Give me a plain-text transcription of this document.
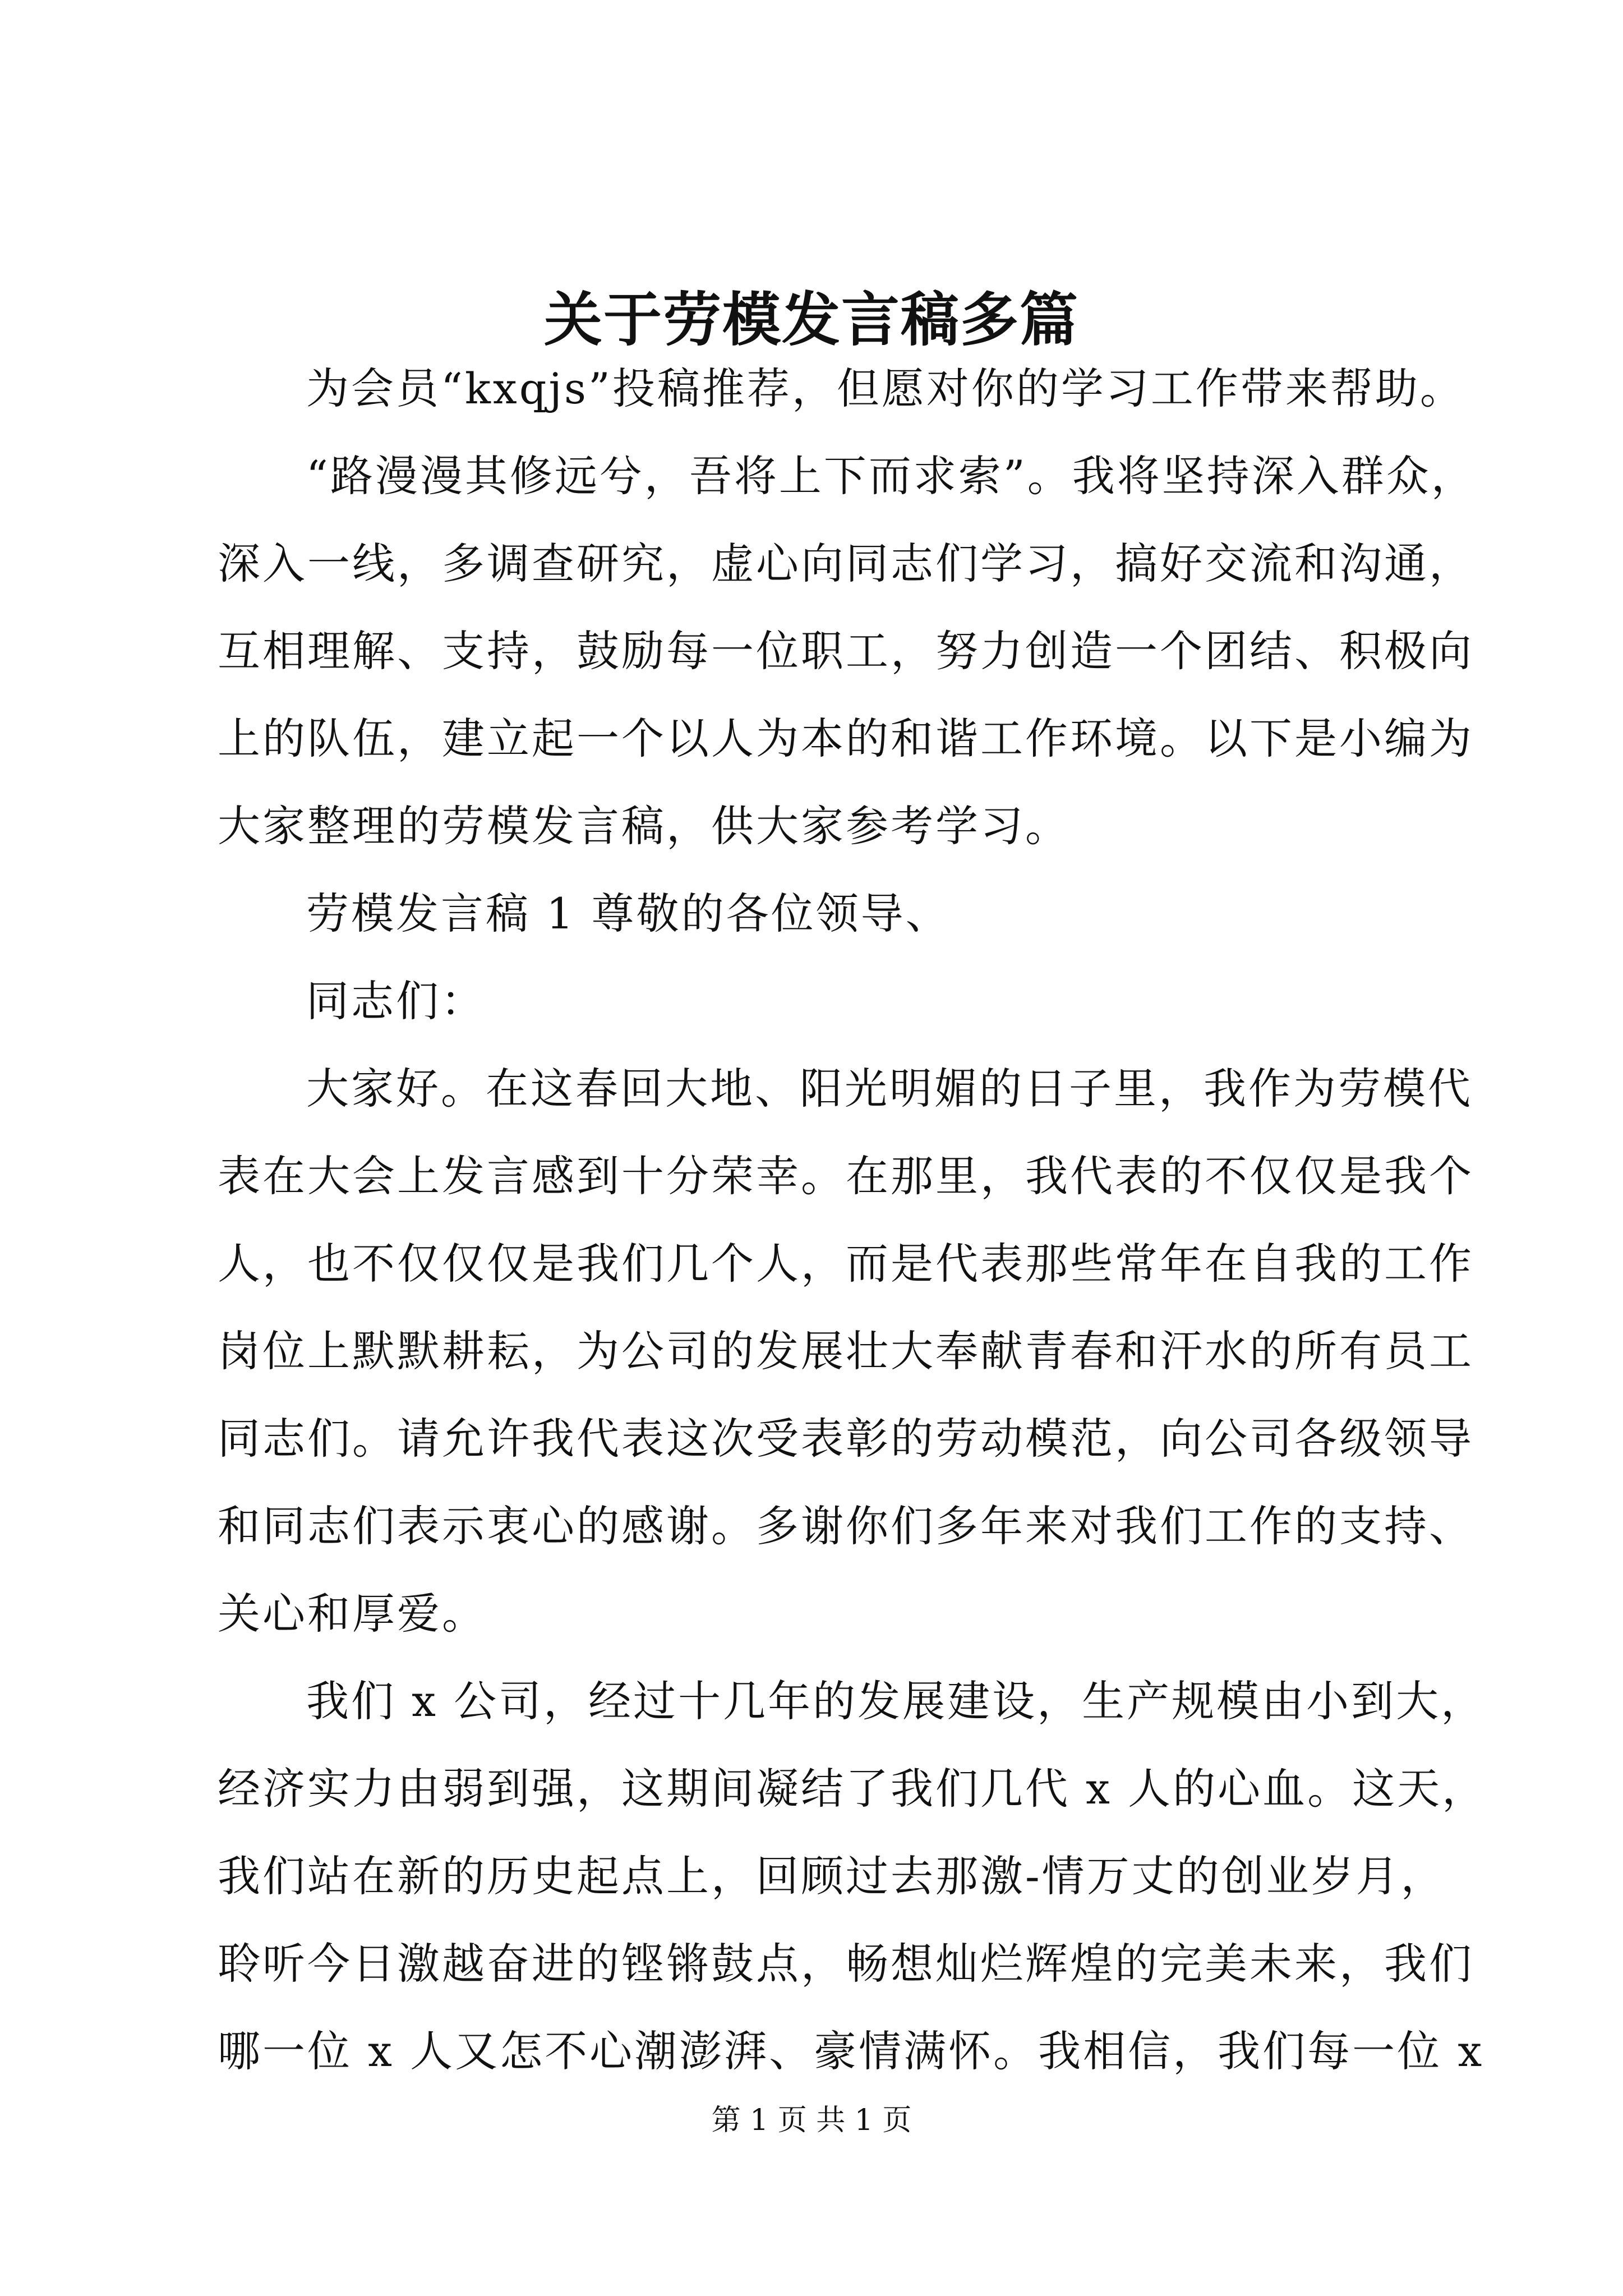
关于劳模发言稿多篇
为会员“kxqjs”投稿推荐，但愿对你的学习工作带来帮助。
“路漫漫其修远兮，吾将上下而求索”。我将坚持深入群众，
深入一线，多调查研究，虚心向同志们学习，搞好交流和沟通，
互相理解、支持，鼓励每一位职工，努力创造一个团结、积极向
上的队伍，建立起一个以人为本的和谐工作环境。以下是小编为
大家整理的劳模发言稿，供大家参考学习。
劳模发言稿 1 尊敬的各位领导、
同志们：
大家好。在这春回大地、阳光明媚的日子里，我作为劳模代
表在大会上发言感到十分荣幸。在那里，我代表的不仅仅是我个
人，也不仅仅仅是我们几个人，而是代表那些常年在自我的工作
岗位上默默耕耘，为公司的发展壮大奉献青春和汗水的所有员工
同志们。请允许我代表这次受表彰的劳动模范，向公司各级领导
和同志们表示衷心的感谢。多谢你们多年来对我们工作的支持、
关心和厚爱。
我们 x 公司，经过十几年的发展建设，生产规模由小到大，
经济实力由弱到强，这期间凝结了我们几代 x 人的心血。这天，
我们站在新的历史起点上，回顾过去那激-情万丈的创业岁月，
聆听今日激越奋进的铿锵鼓点，畅想灿烂辉煌的完美未来，我们
哪一位 x 人又怎不心潮澎湃、豪情满怀。我相信，我们每一位 x
第 1 页 共 1 页
